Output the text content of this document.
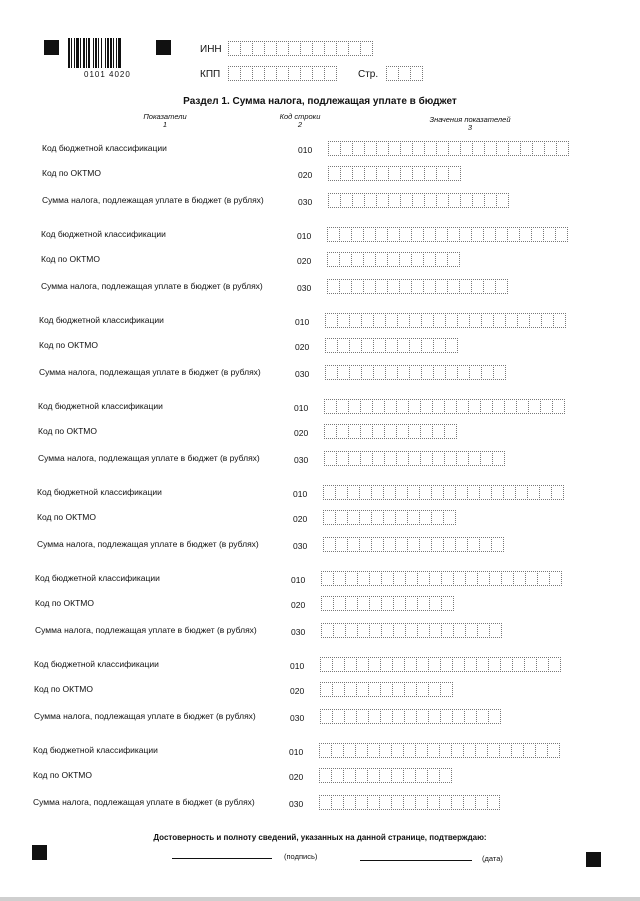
0101 4020
ИНН
КПП	Стр.
Раздел 1. Сумма налога, подлежащая уплате в бюджет
Показатели
1
Код строки
2
Значения показателей
3
Код бюджетной классификации	010
Код по ОКТМО	020
Сумма налога, подлежащая уплате в бюджет (в рублях)	030
Код бюджетной классификации	010
Код по ОКТМО	020
Сумма налога, подлежащая уплате в бюджет (в рублях)	030
Код бюджетной классификации	010
Код по ОКТМО	020
Сумма налога, подлежащая уплате в бюджет (в рублях)	030
Код бюджетной классификации	010
Код по ОКТМО	020
Сумма налога, подлежащая уплате в бюджет (в рублях)	030
Код бюджетной классификации	010
Код по ОКТМО	020
Сумма налога, подлежащая уплате в бюджет (в рублях)	030
Код бюджетной классификации	010
Код по ОКТМО	020
Сумма налога, подлежащая уплате в бюджет (в рублях)	030
Код бюджетной классификации	010
Код по ОКТМО	020
Сумма налога, подлежащая уплате в бюджет (в рублях)	030
Код бюджетной классификации	010
Код по ОКТМО	020
Сумма налога, подлежащая уплате в бюджет (в рублях)	030
Достоверность и полноту сведений, указанных на данной странице, подтверждаю:
(подпись)	(дата)
